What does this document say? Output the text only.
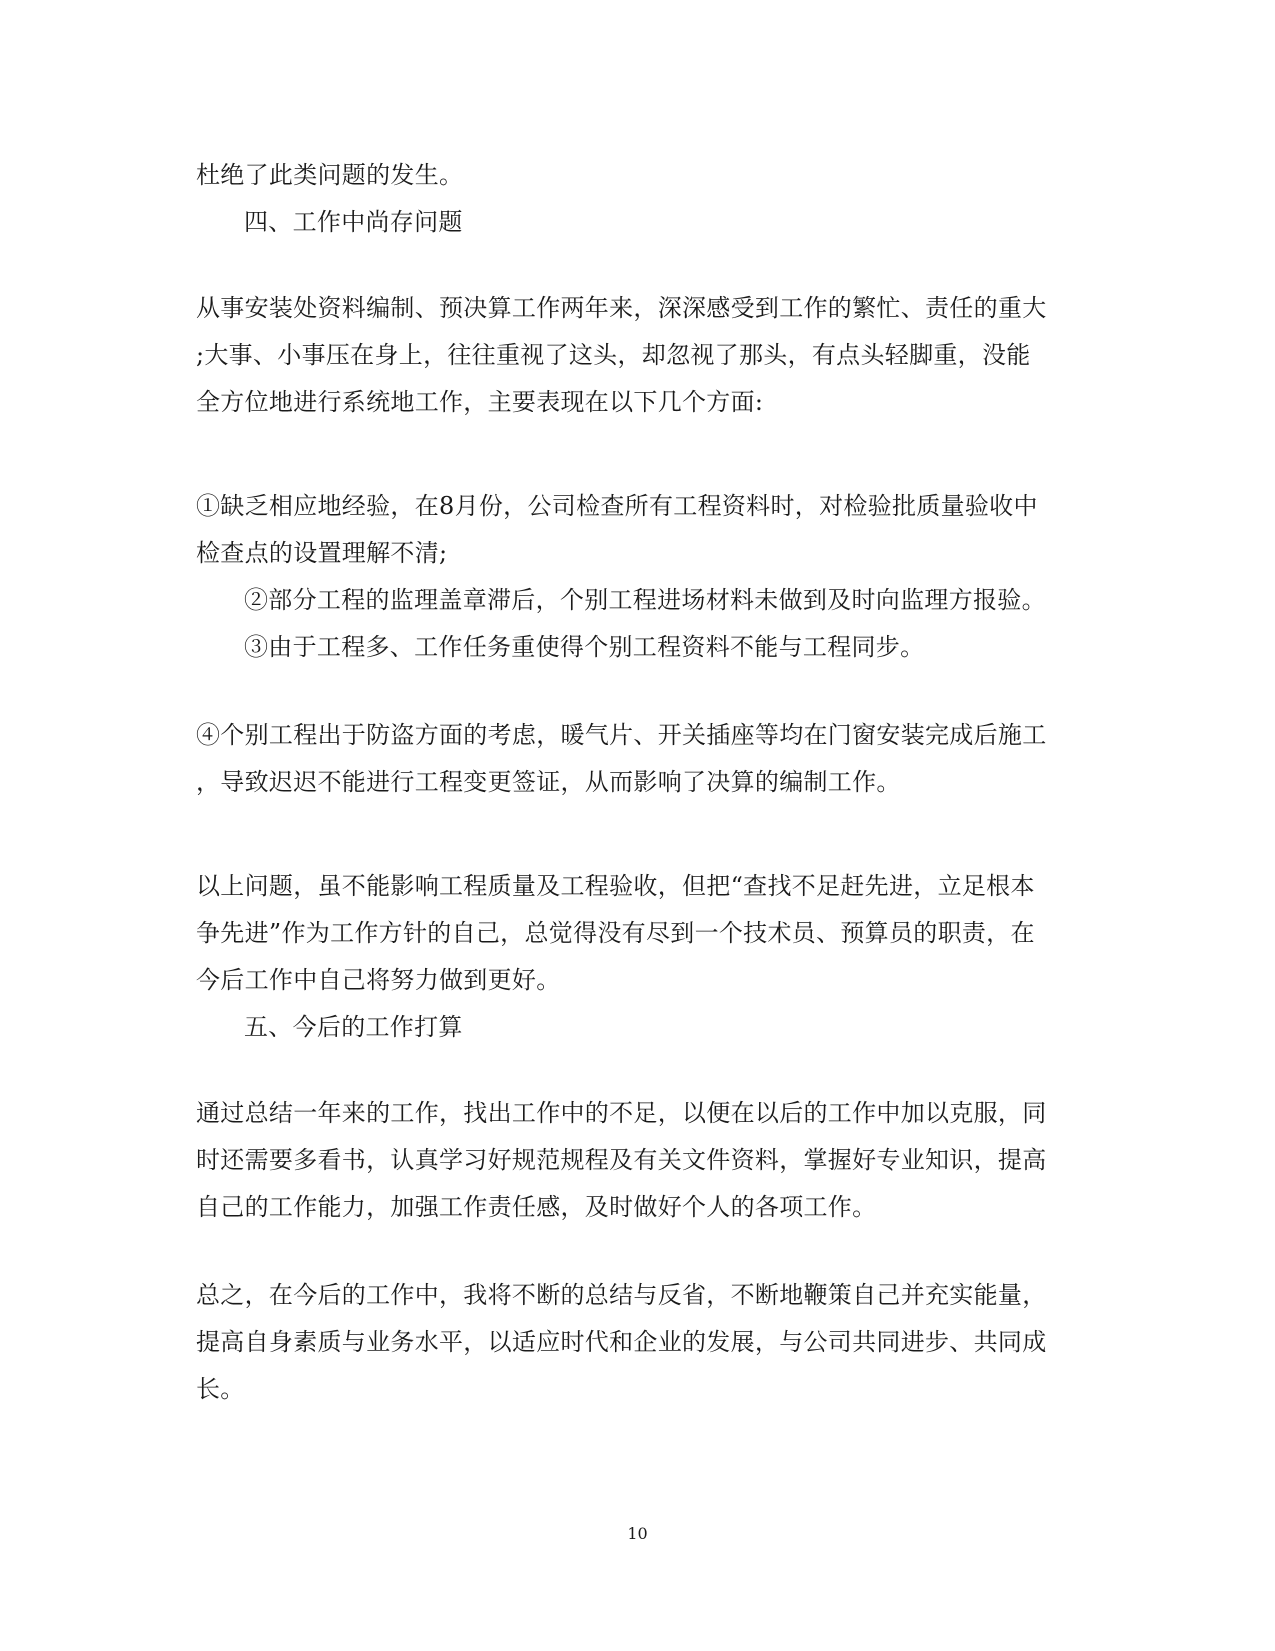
杜绝了此类问题的发生。
四、工作中尚存问题
从事安装处资料编制、预决算工作两年来，深深感受到工作的繁忙、责任的重大
;大事、小事压在身上，往往重视了这头，却忽视了那头，有点头轻脚重，没能
全方位地进行系统地工作，主要表现在以下几个方面:
①缺乏相应地经验，在8月份，公司检查所有工程资料时，对检验批质量验收中
检查点的设置理解不清;
②部分工程的监理盖章滞后，个别工程进场材料未做到及时向监理方报验。
③由于工程多、工作任务重使得个别工程资料不能与工程同步。
④个别工程出于防盗方面的考虑，暖气片、开关插座等均在门窗安装完成后施工
，导致迟迟不能进行工程变更签证，从而影响了决算的编制工作。
以上问题，虽不能影响工程质量及工程验收，但把“查找不足赶先进，立足根本
争先进”作为工作方针的自己，总觉得没有尽到一个技术员、预算员的职责，在
今后工作中自己将努力做到更好。
五、今后的工作打算
通过总结一年来的工作，找出工作中的不足，以便在以后的工作中加以克服，同
时还需要多看书，认真学习好规范规程及有关文件资料，掌握好专业知识，提高
自己的工作能力，加强工作责任感，及时做好个人的各项工作。
总之，在今后的工作中，我将不断的总结与反省，不断地鞭策自己并充实能量，
提高自身素质与业务水平，以适应时代和企业的发展，与公司共同进步、共同成
长。
10
